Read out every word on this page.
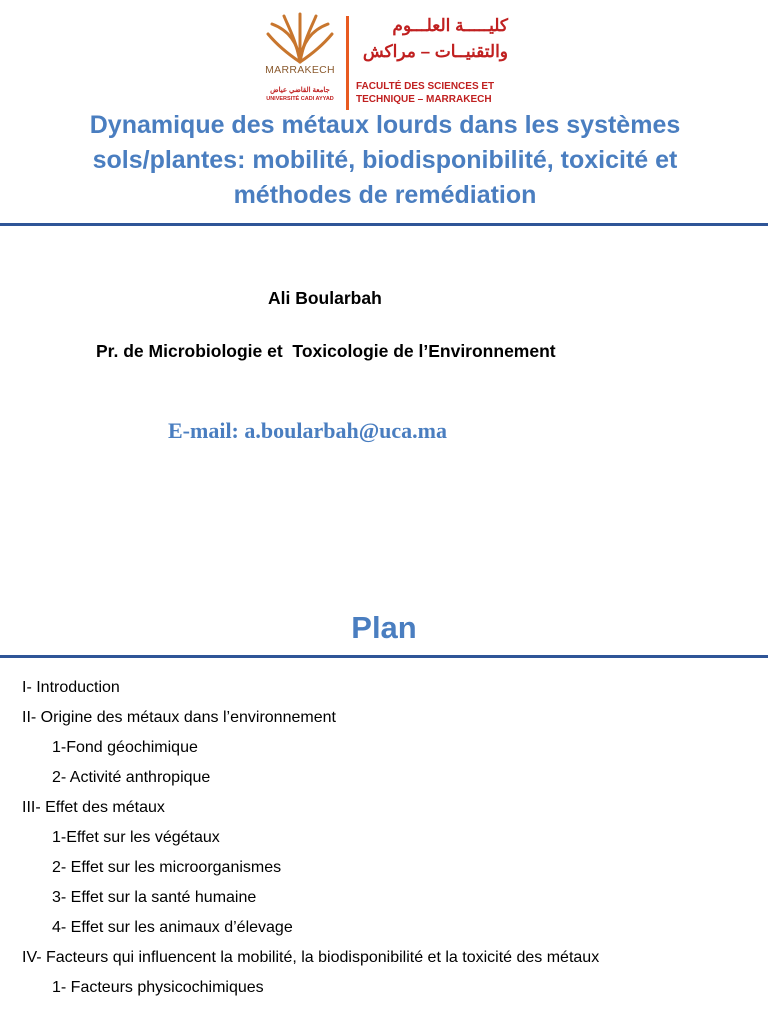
MARRAKECH
جامعة القاضي عياض
UNIVERSITÉ CADI AYYAD
كليـــــة العلـــوم
والتقنيــات – مراكش
FACULTÉ DES SCIENCES ET
TECHNIQUE – MARRAKECH
Dynamique des métaux lourds dans les systèmes sols/plantes: mobilité, biodisponibilité, toxicité et méthodes de remédiation
Ali Boularbah
Pr. de Microbiologie et  Toxicologie de l’Environnement
E-mail: a.boularbah@uca.ma
Plan
I- Introduction
II- Origine des métaux dans l’environnement
1-Fond géochimique
2- Activité anthropique
III- Effet des métaux
1-Effet sur les végétaux
2- Effet sur les microorganismes
3- Effet sur la santé humaine
4- Effet sur les animaux d’élevage
IV- Facteurs qui influencent la mobilité, la biodisponibilité et la toxicité des métaux
1- Facteurs physicochimiques
